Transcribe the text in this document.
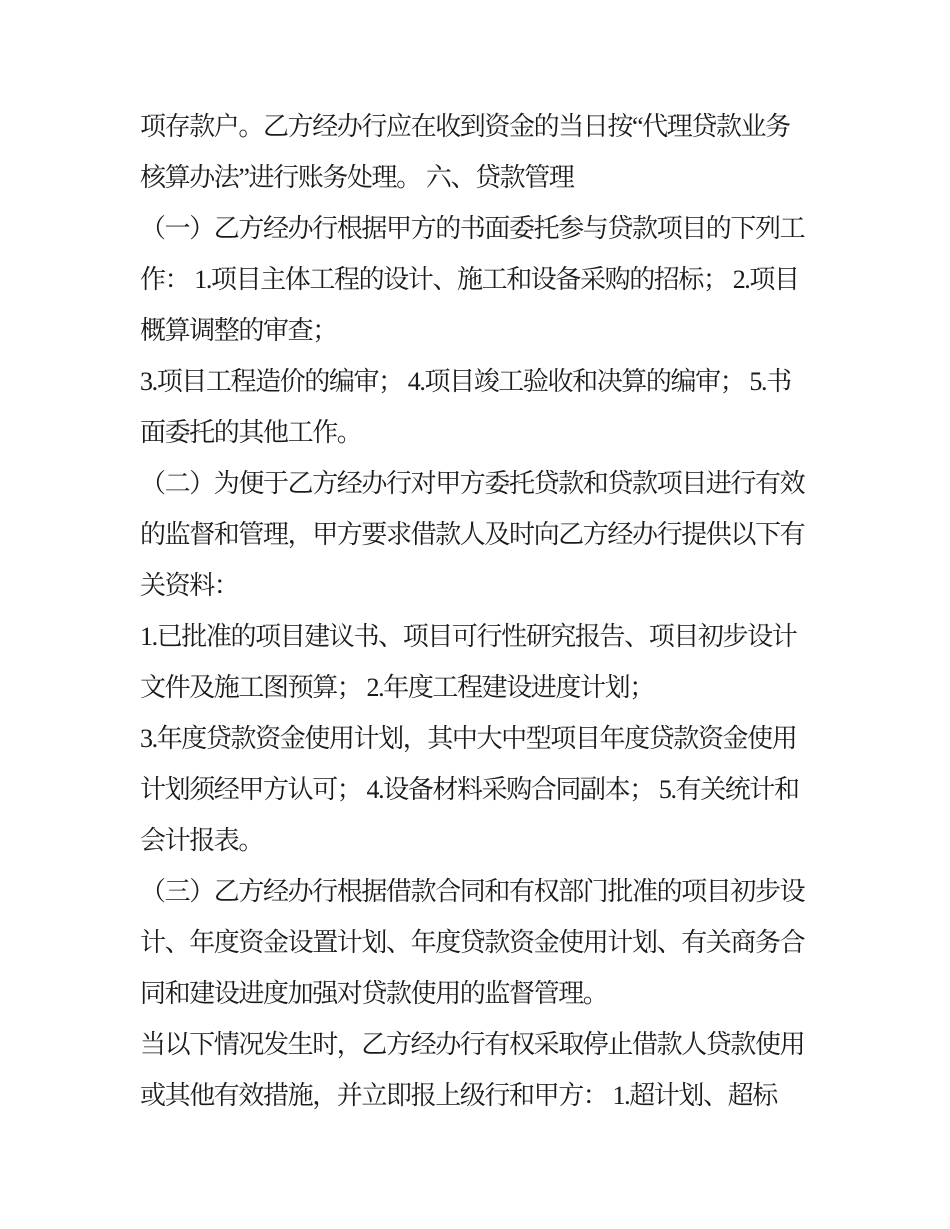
项存款户。乙方经办行应在收到资金的当日按“代理贷款业务
核算办法”进行账务处理。 六、贷款管理
（一）乙方经办行根据甲方的书面委托参与贷款项目的下列工
作： 1.项目主体工程的设计、施工和设备采购的招标； 2.项目
概算调整的审查；
3.项目工程造价的编审； 4.项目竣工验收和决算的编审； 5.书
面委托的其他工作。
（二）为便于乙方经办行对甲方委托贷款和贷款项目进行有效
的监督和管理，甲方要求借款人及时向乙方经办行提供以下有
关资料：
1.已批准的项目建议书、项目可行性研究报告、项目初步设计
文件及施工图预算； 2.年度工程建设进度计划；
3.年度贷款资金使用计划，其中大中型项目年度贷款资金使用
计划须经甲方认可； 4.设备材料采购合同副本； 5.有关统计和
会计报表。
（三）乙方经办行根据借款合同和有权部门批准的项目初步设
计、年度资金设置计划、年度贷款资金使用计划、有关商务合
同和建设进度加强对贷款使用的监督管理。
当以下情况发生时，乙方经办行有权采取停止借款人贷款使用
或其他有效措施，并立即报上级行和甲方： 1.超计划、超标
